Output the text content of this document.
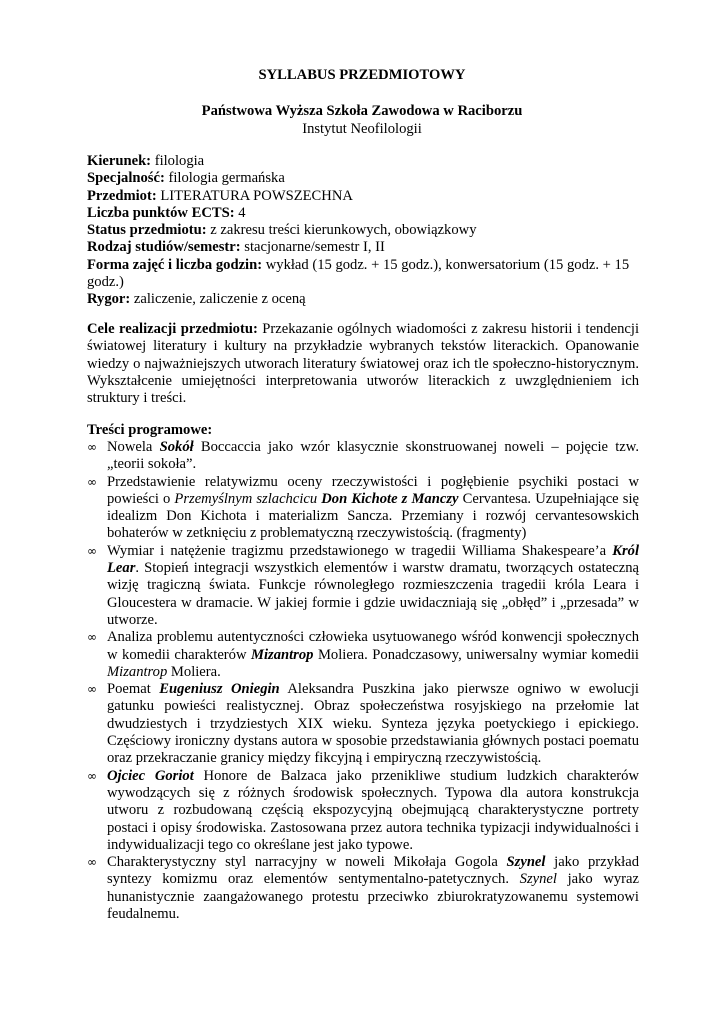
SYLLABUS PRZEDMIOTOWY
Państwowa Wyższa Szkoła Zawodowa w Raciborzu
Instytut Neofilologii
Kierunek: filologia
Specjalność: filologia germańska
Przedmiot: LITERATURA POWSZECHNA
Liczba punktów ECTS: 4
Status przedmiotu: z zakresu treści kierunkowych, obowiązkowy
Rodzaj studiów/semestr: stacjonarne/semestr I, II
Forma zajęć i liczba godzin: wykład (15 godz. + 15 godz.), konwersatorium (15 godz. + 15 godz.)
Rygor: zaliczenie, zaliczenie z oceną
Cele realizacji przedmiotu: Przekazanie ogólnych wiadomości z zakresu historii i tendencji światowej literatury i kultury na przykładzie wybranych tekstów literackich. Opanowanie wiedzy o najważniejszych utworach literatury światowej oraz ich tle społeczno-historycznym. Wykształcenie umiejętności interpretowania utworów literackich z uwzględnieniem ich struktury i treści.
Treści programowe:
∞ Nowela Sokół Boccaccia jako wzór klasycznie skonstruowanej noweli – pojęcie tzw. „teorii sokoła”.
∞ Przedstawienie relatywizmu oceny rzeczywistości i pogłębienie psychiki postaci w powieści o Przemyślnym szlachcicu Don Kichote z Manczy Cervantesa. Uzupełniające się idealizm Don Kichota i materializm Sancza. Przemiany i rozwój cervantesowskich bohaterów w zetknięciu z problematyczną rzeczywistością. (fragmenty)
∞ Wymiar i natężenie tragizmu przedstawionego w tragedii Williama Shakespeare’a Król Lear. Stopień integracji wszystkich elementów i warstw dramatu, tworzących ostateczną wizję tragiczną świata. Funkcje równoległego rozmieszczenia tragedii króla Leara i Gloucestera w dramacie. W jakiej formie i gdzie uwidaczniają się „obłęd” i „przesada” w utworze.
∞ Analiza problemu autentyczności człowieka usytuowanego wśród konwencji społecznych w komedii charakterów Mizantrop Moliera. Ponadczasowy, uniwersalny wymiar komedii Mizantrop Moliera.
∞ Poemat Eugeniusz Oniegin Aleksandra Puszkina jako pierwsze ogniwo w ewolucji gatunku powieści realistycznej. Obraz społeczeństwa rosyjskiego na przełomie lat dwudziestych i trzydziestych XIX wieku. Synteza języka poetyckiego i epickiego. Częściowy ironiczny dystans autora w sposobie przedstawiania głównych postaci poematu oraz przekraczanie granicy między fikcyjną i empiryczną rzeczywistością.
∞ Ojciec Goriot Honore de Balzaca jako przenikliwe studium ludzkich charakterów wywodzących się z różnych środowisk społecznych. Typowa dla autora konstrukcja utworu z rozbudowaną częścią ekspozycyjną obejmującą charakterystyczne portrety postaci i opisy środowiska. Zastosowana przez autora technika typizacji indywidualności i indywidualizacji tego co określane jest jako typowe.
∞ Charakterystyczny styl narracyjny w noweli Mikołaja Gogola Szynel jako przykład syntezy komizmu oraz elementów sentymentalno-patetycznych. Szynel jako wyraz hunanistycznie zaangażowanego protestu przeciwko zbiurokratyzowanemu systemowi feudalnemu.
